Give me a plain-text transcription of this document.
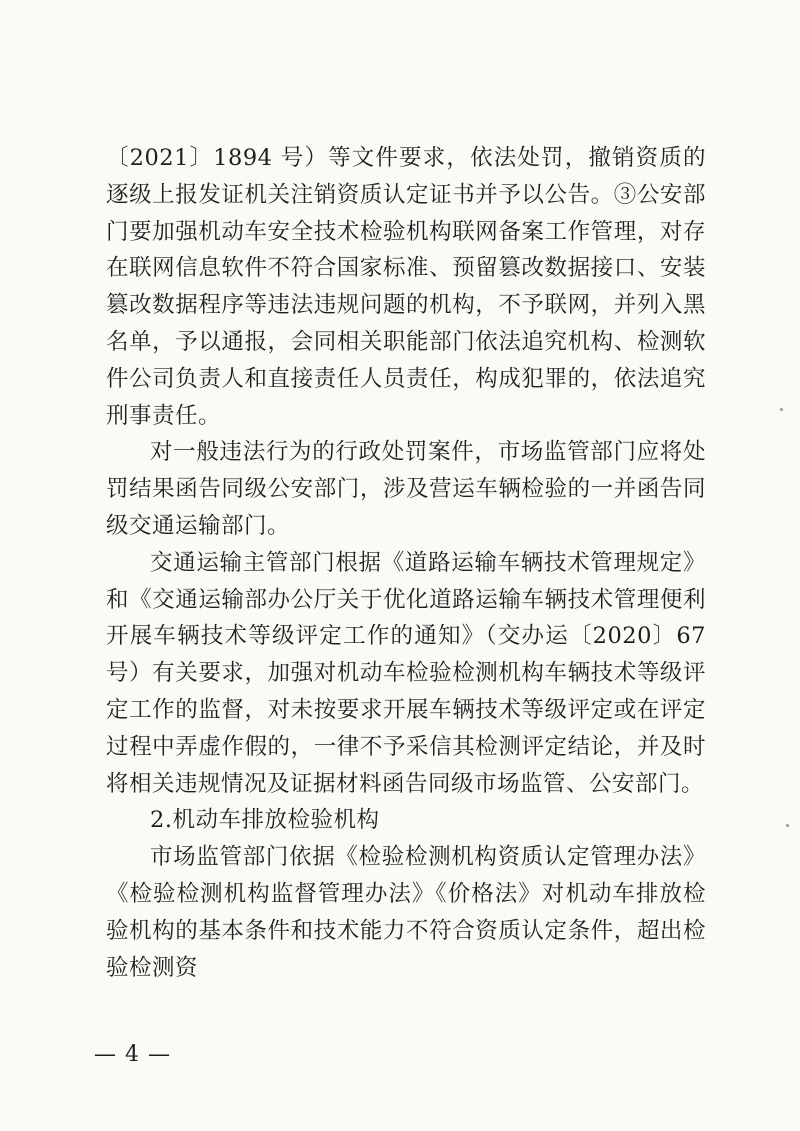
〔2021〕1894 号）等文件要求，依法处罚，撤销资质的逐级上报发证机关注销资质认定证书并予以公告。③公安部门要加强机动车安全技术检验机构联网备案工作管理，对存在联网信息软件不符合国家标准、预留篡改数据接口、安装篡改数据程序等违法违规问题的机构，不予联网，并列入黑名单，予以通报，会同相关职能部门依法追究机构、检测软件公司负责人和直接责任人员责任，构成犯罪的，依法追究刑事责任。

对一般违法行为的行政处罚案件，市场监管部门应将处罚结果函告同级公安部门，涉及营运车辆检验的一并函告同级交通运输部门。

交通运输主管部门根据《道路运输车辆技术管理规定》和《交通运输部办公厅关于优化道路运输车辆技术管理便利开展车辆技术等级评定工作的通知》（交办运〔2020〕67 号）有关要求，加强对机动车检验检测机构车辆技术等级评定工作的监督，对未按要求开展车辆技术等级评定或在评定过程中弄虚作假的，一律不予采信其检测评定结论，并及时将相关违规情况及证据材料函告同级市场监管、公安部门。

2.机动车排放检验机构

市场监管部门依据《检验检测机构资质认定管理办法》《检验检测机构监督管理办法》《价格法》对机动车排放检验机构的基本条件和技术能力不符合资质认定条件，超出检验检测资

— 4 —
